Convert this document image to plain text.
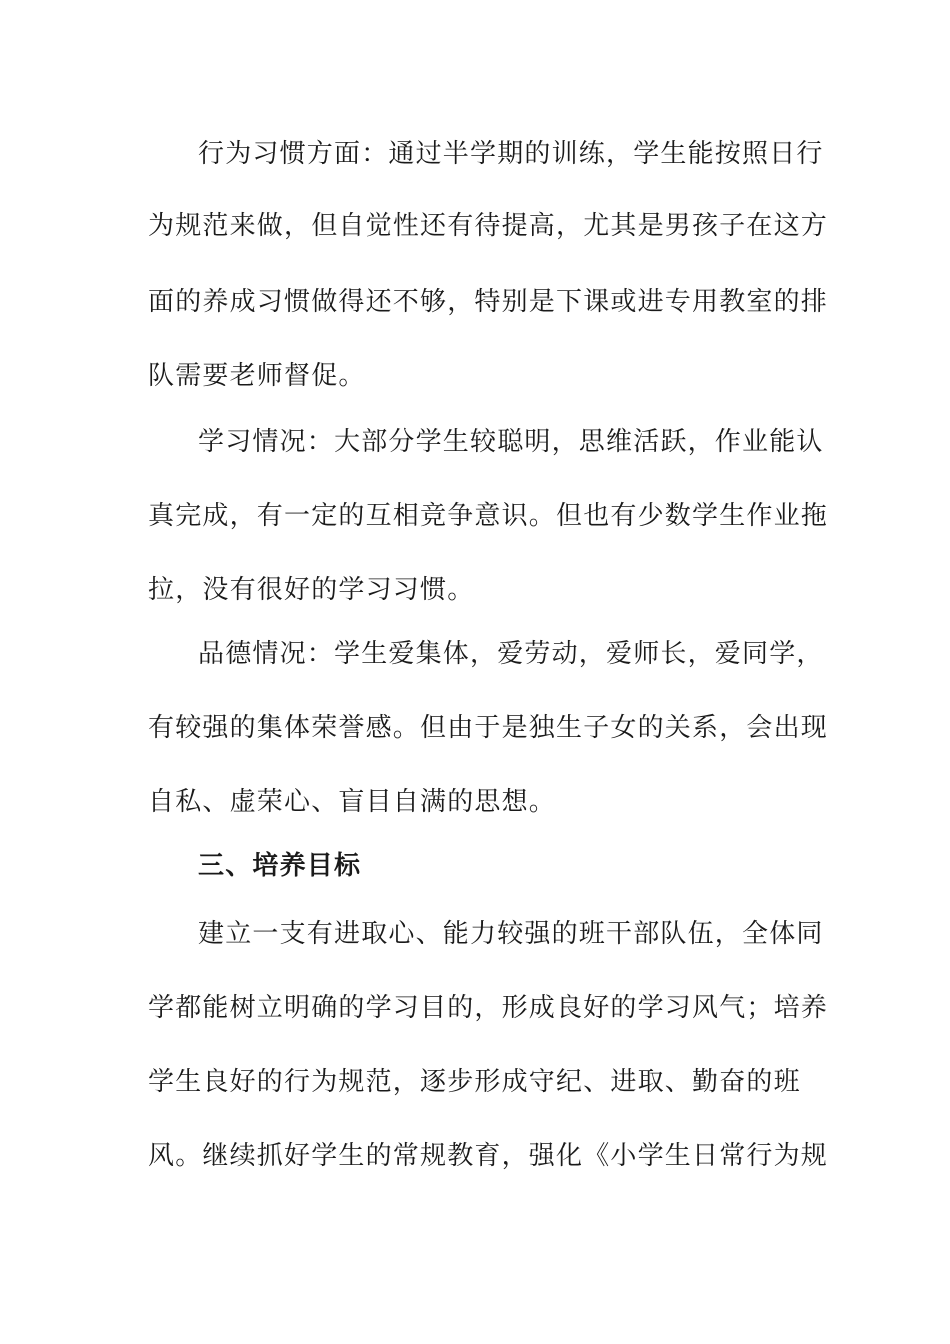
行为习惯方面：通过半学期的训练，学生能按照日行
为规范来做，但自觉性还有待提高，尤其是男孩子在这方
面的养成习惯做得还不够，特别是下课或进专用教室的排
队需要老师督促。
学习情况：大部分学生较聪明，思维活跃，作业能认
真完成，有一定的互相竞争意识。但也有少数学生作业拖
拉，没有很好的学习习惯。
品德情况：学生爱集体，爱劳动，爱师长，爱同学，
有较强的集体荣誉感。但由于是独生子女的关系，会出现
自私、虚荣心、盲目自满的思想。
三、培养目标
建立一支有进取心、能力较强的班干部队伍，全体同
学都能树立明确的学习目的，形成良好的学习风气；培养
学生良好的行为规范，逐步形成守纪、进取、勤奋的班
风。继续抓好学生的常规教育，强化《小学生日常行为规
